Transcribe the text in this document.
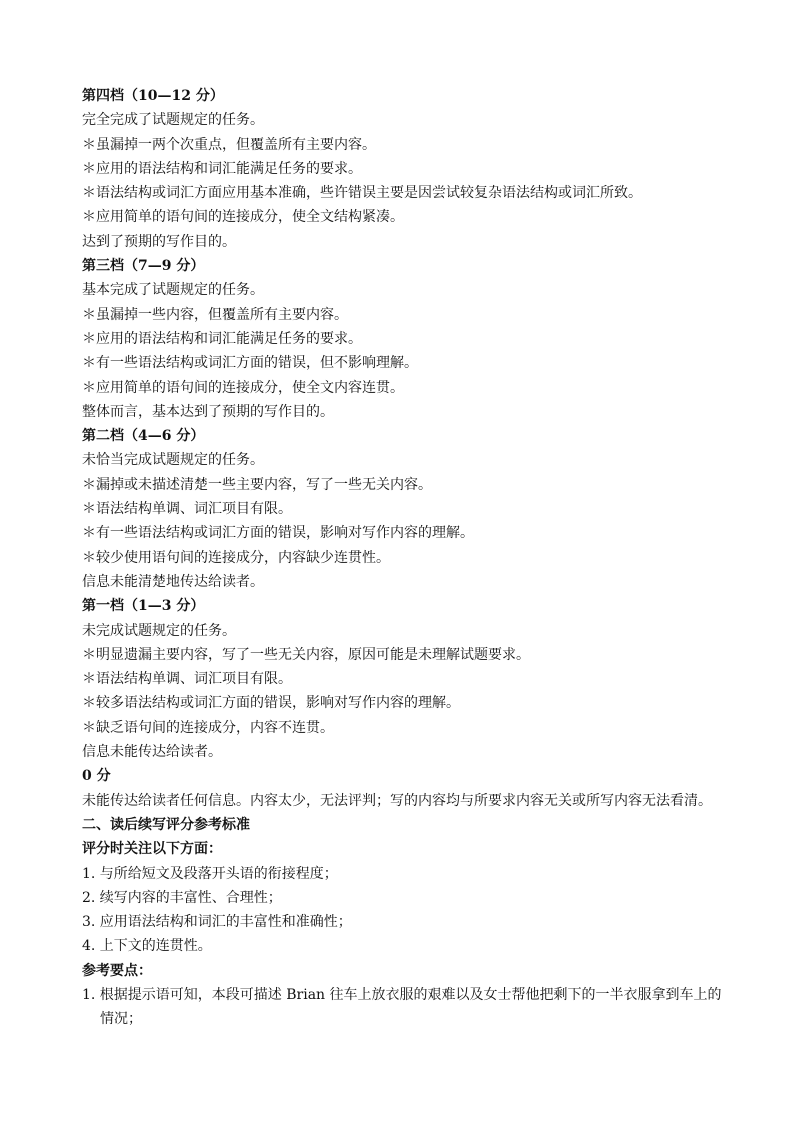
第四档（10—12 分）
完全完成了试题规定的任务。
＊虽漏掉一两个次重点，但覆盖所有主要内容。
＊应用的语法结构和词汇能满足任务的要求。
＊语法结构或词汇方面应用基本准确，些许错误主要是因尝试较复杂语法结构或词汇所致。
＊应用简单的语句间的连接成分，使全文结构紧凑。
达到了预期的写作目的。
第三档（7—9 分）
基本完成了试题规定的任务。
＊虽漏掉一些内容，但覆盖所有主要内容。
＊应用的语法结构和词汇能满足任务的要求。
＊有一些语法结构或词汇方面的错误，但不影响理解。
＊应用简单的语句间的连接成分，使全文内容连贯。
整体而言，基本达到了预期的写作目的。
第二档（4—6 分）
未恰当完成试题规定的任务。
＊漏掉或未描述清楚一些主要内容，写了一些无关内容。
＊语法结构单调、词汇项目有限。
＊有一些语法结构或词汇方面的错误，影响对写作内容的理解。
＊较少使用语句间的连接成分，内容缺少连贯性。
信息未能清楚地传达给读者。
第一档（1—3 分）
未完成试题规定的任务。
＊明显遗漏主要内容，写了一些无关内容，原因可能是未理解试题要求。
＊语法结构单调、词汇项目有限。
＊较多语法结构或词汇方面的错误，影响对写作内容的理解。
＊缺乏语句间的连接成分，内容不连贯。
信息未能传达给读者。
0 分
未能传达给读者任何信息。内容太少，无法评判；写的内容均与所要求内容无关或所写内容无法看清。
二、读后续写评分参考标准
评分时关注以下方面：
1. 与所给短文及段落开头语的衔接程度；
2. 续写内容的丰富性、合理性；
3. 应用语法结构和词汇的丰富性和准确性；
4. 上下文的连贯性。
参考要点：
1. 根据提示语可知，本段可描述 Brian 往车上放衣服的艰难以及女士帮他把剩下的一半衣服拿到车上的情况；
